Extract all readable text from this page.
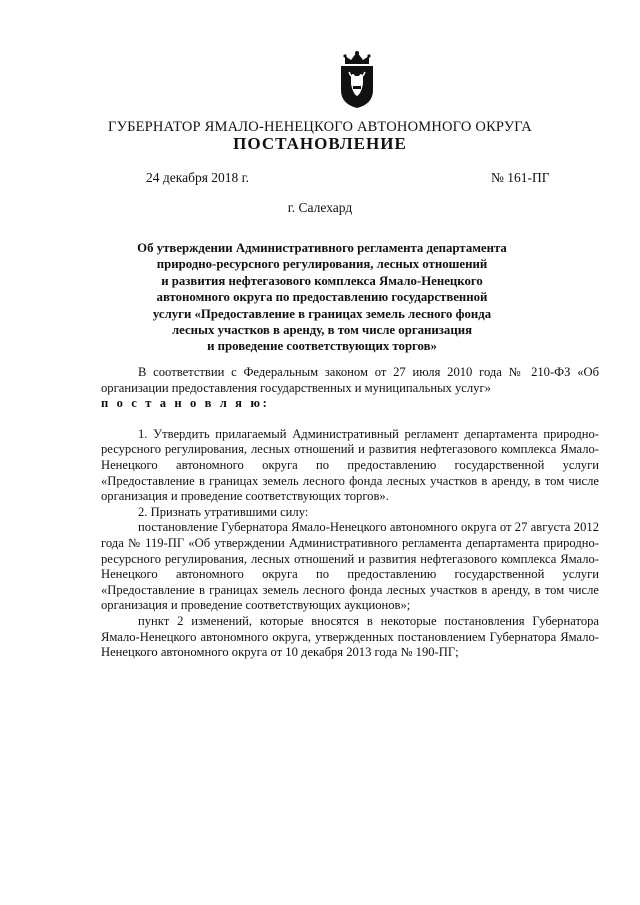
ГУБЕРНАТОР ЯМАЛО-НЕНЕЦКОГО АВТОНОМНОГО ОКРУГА
ПОСТАНОВЛЕНИЕ
24 декабря 2018 г.	№ 161-ПГ
г. Салехард
Об утверждении Административного регламента департамента
природно-ресурсного регулирования, лесных отношений
и развития нефтегазового комплекса Ямало-Ненецкого
автономного округа по предоставлению государственной
услуги «Предоставление в границах земель лесного фонда
лесных участков в аренду, в том числе организация
и проведение соответствующих торгов»

В соответствии с Федеральным законом от 27 июля 2010 года № 210-ФЗ «Об организации предоставления государственных и муниципальных услуг»
п о с т а н о в л я ю:

1. Утвердить прилагаемый Административный регламент департамента природно-ресурсного регулирования, лесных отношений и развития нефтегазового комплекса Ямало-Ненецкого автономного округа по предоставлению государственной услуги «Предоставление в границах земель лесного фонда лесных участков в аренду, в том числе организация и проведение соответствующих торгов».

2. Признать утратившими силу:

постановление Губернатора Ямало-Ненецкого автономного округа от 27 августа 2012 года № 119-ПГ «Об утверждении Административного регламента департамента природно-ресурсного регулирования, лесных отношений и развития нефтегазового комплекса Ямало-Ненецкого автономного округа по предоставлению государственной услуги «Предоставление в границах земель лесного фонда лесных участков в аренду, в том числе организация и проведение соответствующих аукционов»;

пункт 2 изменений, которые вносятся в некоторые постановления Губернатора Ямало-Ненецкого автономного округа, утвержденных постановлением Губернатора Ямало-Ненецкого автономного округа от 10 декабря 2013 года № 190-ПГ;
